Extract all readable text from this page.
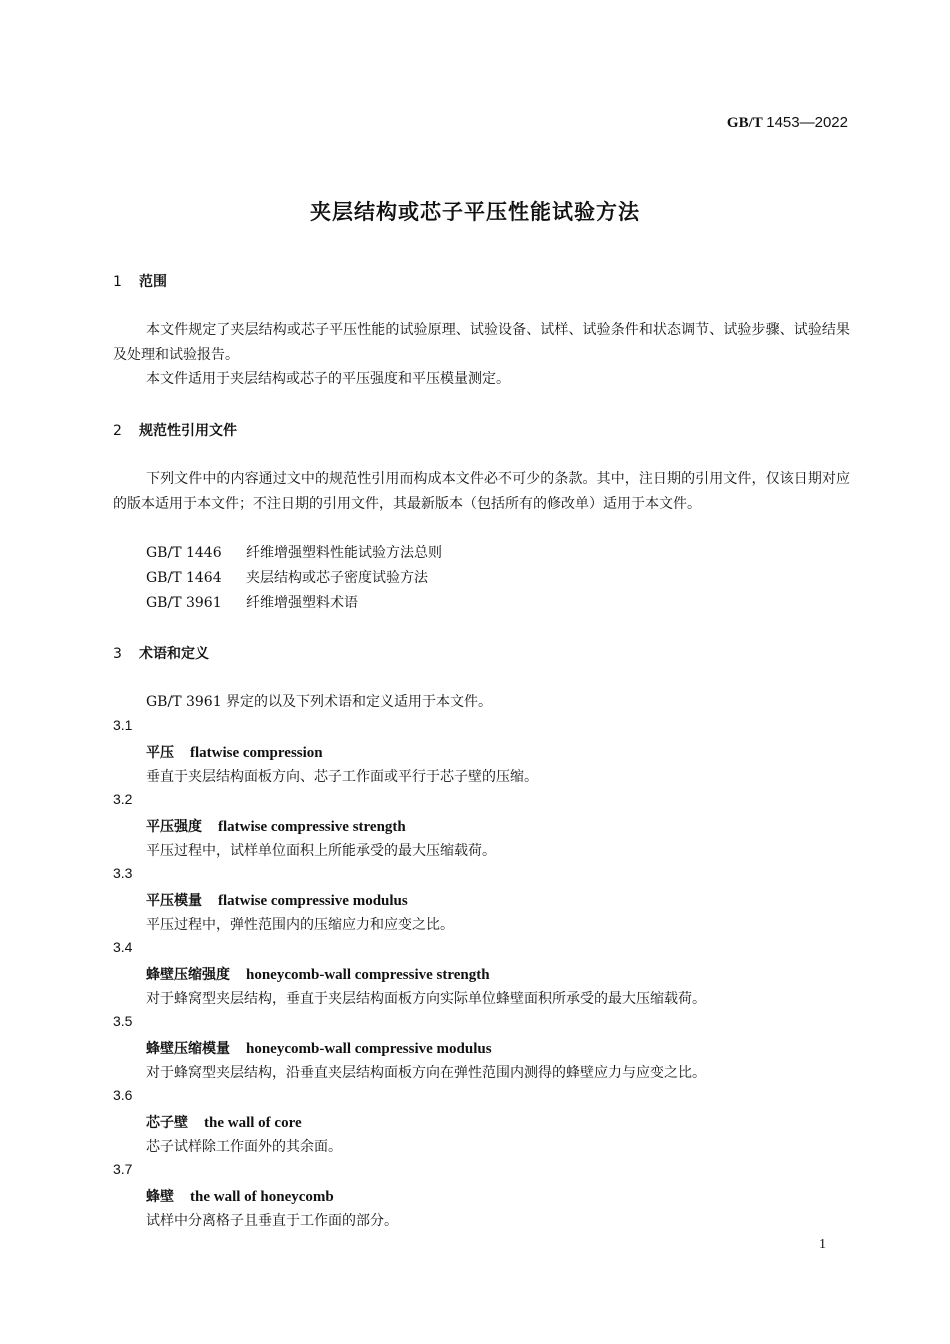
GB/T 1453—2022
夹层结构或芯子平压性能试验方法
1 范围
本文件规定了夹层结构或芯子平压性能的试验原理、试验设备、试样、试验条件和状态调节、试验步骤、试验结果及处理和试验报告。
本文件适用于夹层结构或芯子的平压强度和平压模量测定。
2 规范性引用文件
下列文件中的内容通过文中的规范性引用而构成本文件必不可少的条款。其中，注日期的引用文件，仅该日期对应的版本适用于本文件；不注日期的引用文件，其最新版本（包括所有的修改单）适用于本文件。
GB/T 1446 纤维增强塑料性能试验方法总则
GB/T 1464 夹层结构或芯子密度试验方法
GB/T 3961 纤维增强塑料术语
3 术语和定义
GB/T 3961 界定的以及下列术语和定义适用于本文件。
3.1
平压 flatwise compression
垂直于夹层结构面板方向、芯子工作面或平行于芯子壁的压缩。
3.2
平压强度 flatwise compressive strength
平压过程中，试样单位面积上所能承受的最大压缩载荷。
3.3
平压模量 flatwise compressive modulus
平压过程中，弹性范围内的压缩应力和应变之比。
3.4
蜂壁压缩强度 honeycomb-wall compressive strength
对于蜂窝型夹层结构，垂直于夹层结构面板方向实际单位蜂壁面积所承受的最大压缩载荷。
3.5
蜂壁压缩模量 honeycomb-wall compressive modulus
对于蜂窝型夹层结构，沿垂直夹层结构面板方向在弹性范围内测得的蜂壁应力与应变之比。
3.6
芯子壁 the wall of core
芯子试样除工作面外的其余面。
3.7
蜂壁 the wall of honeycomb
试样中分离格子且垂直于工作面的部分。
1
